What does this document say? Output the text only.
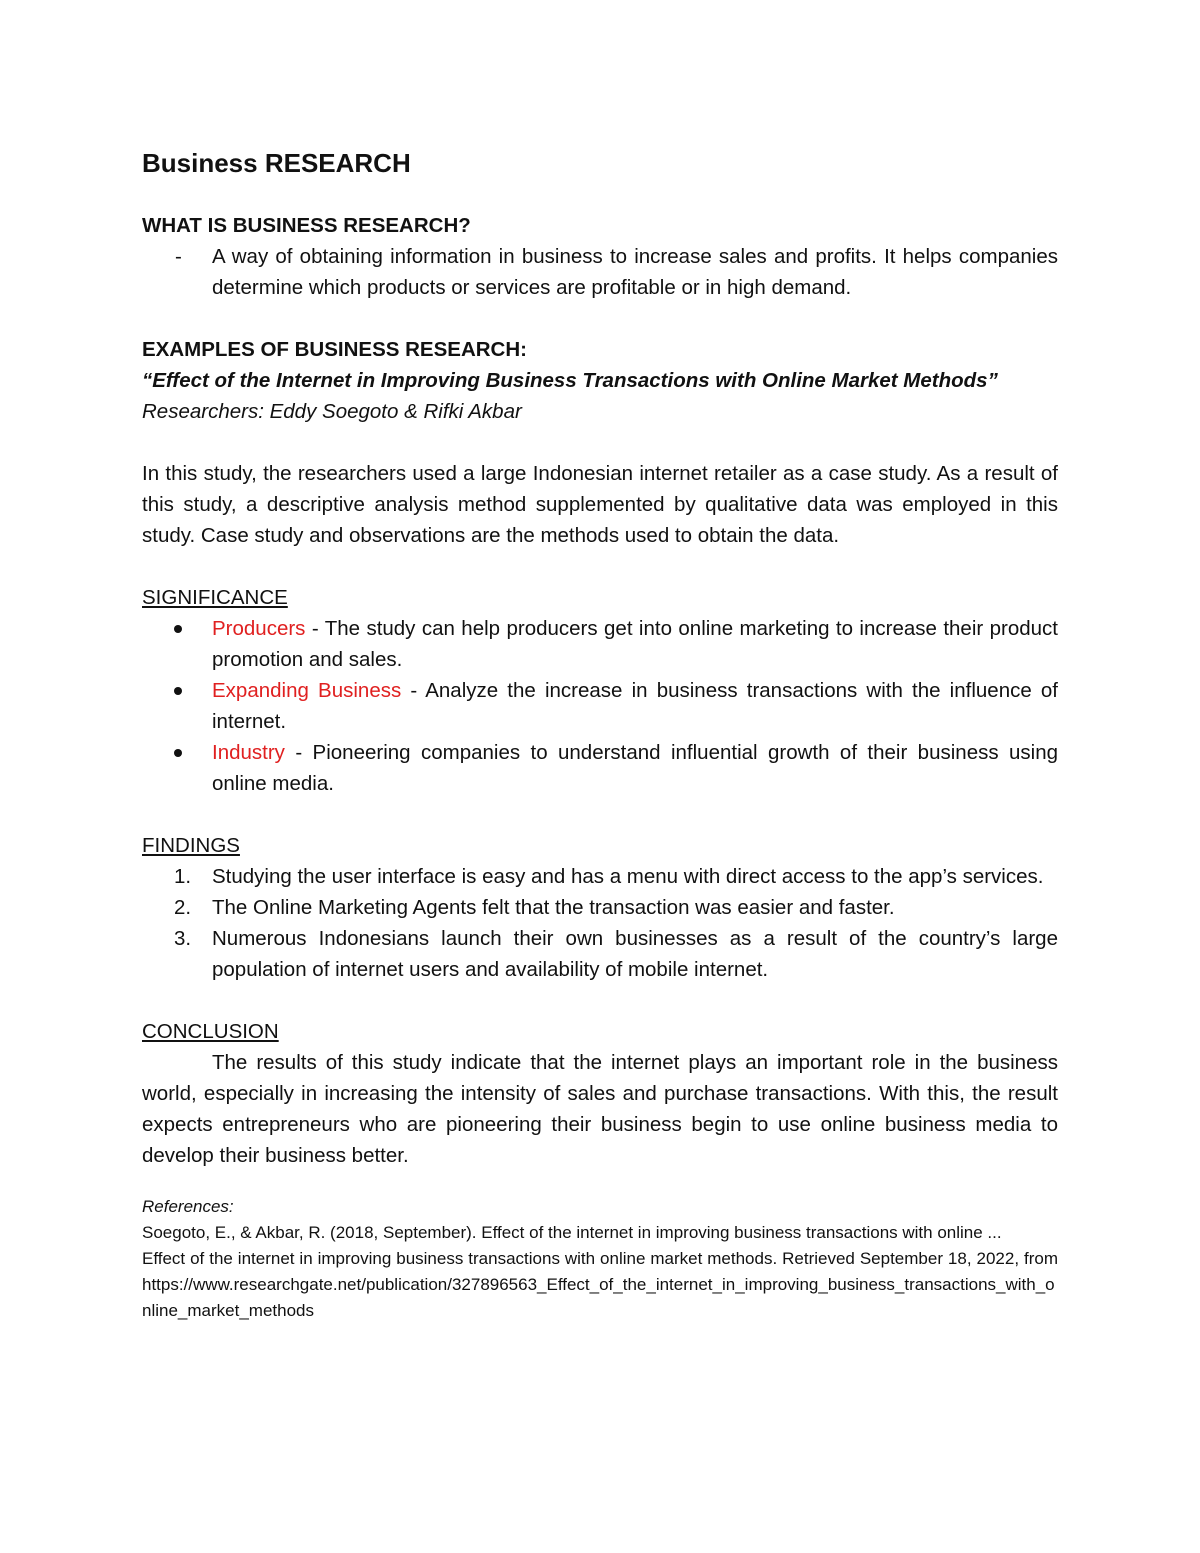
Business RESEARCH

WHAT IS BUSINESS RESEARCH?

-	A way of obtaining information in business to increase sales and profits. It helps companies determine which products or services are profitable or in high demand.

EXAMPLES OF BUSINESS RESEARCH:

“Effect of the Internet in Improving Business Transactions with Online Market Methods”

Researchers: Eddy Soegoto & Rifki Akbar

In this study, the researchers used a large Indonesian internet retailer as a case study. As a result of this study, a descriptive analysis method supplemented by qualitative data was employed in this study. Case study and observations are the methods used to obtain the data.

SIGNIFICANCE

Producers - The study can help producers get into online marketing to increase their product promotion and sales.
Expanding Business - Analyze the increase in business transactions with the influence of internet.
Industry - Pioneering companies to understand influential growth of their business using online media.

FINDINGS

1.	Studying the user interface is easy and has a menu with direct access to the app’s services.
2.	The Online Marketing Agents felt that the transaction was easier and faster.
3.	Numerous Indonesians launch their own businesses as a result of the country’s large population of internet users and availability of mobile internet.

CONCLUSION

The results of this study indicate that the internet plays an important role in the business world, especially in increasing the intensity of sales and purchase transactions. With this, the result expects entrepreneurs who are pioneering their business begin to use online business media to develop their business better.

References:
Soegoto, E., & Akbar, R. (2018, September). Effect of the internet in improving business transactions with online ...
Effect of the internet in improving business transactions with online market methods. Retrieved September 18, 2022, from https://www.researchgate.net/publication/327896563_Effect_of_the_internet_in_improving_business_transactions_with_online_market_methods
